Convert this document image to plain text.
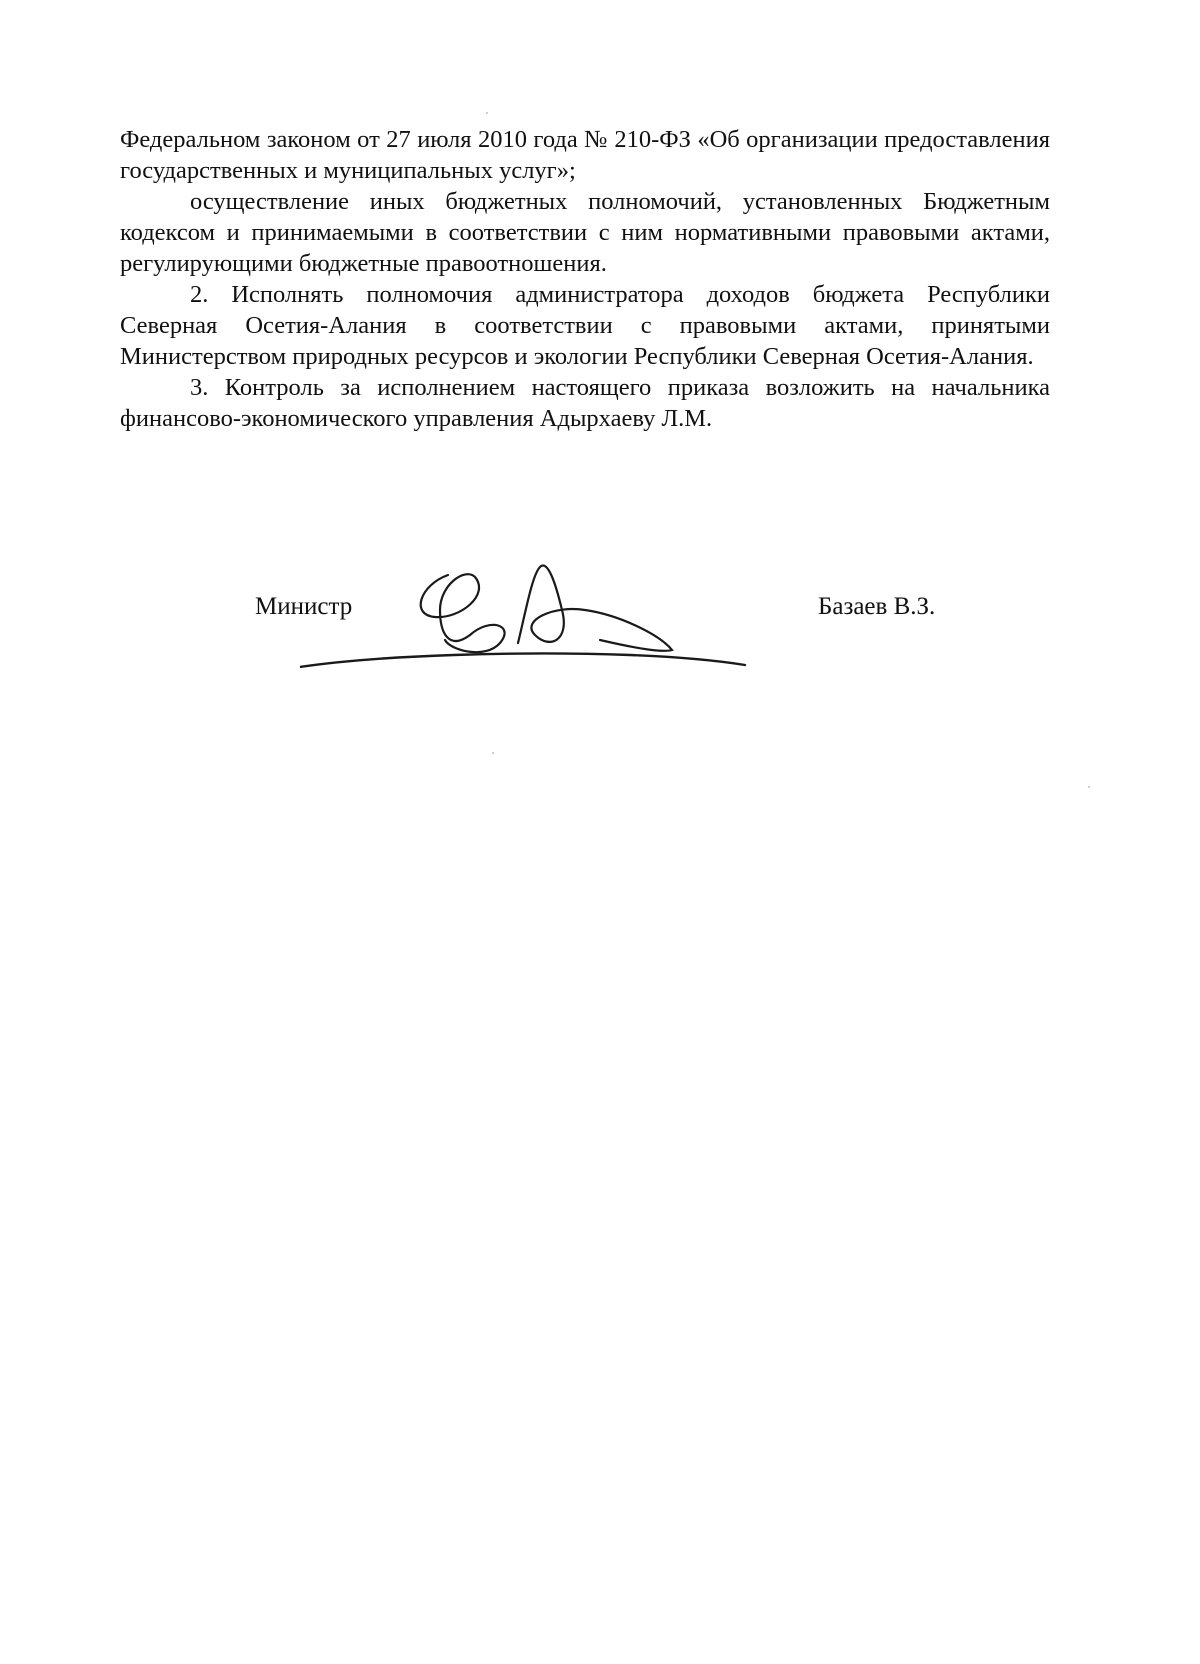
Федеральном законом от 27 июля 2010 года № 210-ФЗ «Об организации предоставления государственных и муниципальных услуг»;

осуществление иных бюджетных полномочий, установленных Бюджетным кодексом и принимаемыми в соответствии с ним нормативными правовыми актами, регулирующими бюджетные правоотношения.

2. Исполнять полномочия администратора доходов бюджета Республики Северная Осетия-Алания в соответствии с правовыми актами, принятыми Министерством природных ресурсов и экологии Республики Северная Осетия-Алания.

3. Контроль за исполнением настоящего приказа возложить на начальника финансово-экономического управления Адырхаеву Л.М.

Министр	Базаев В.З.
